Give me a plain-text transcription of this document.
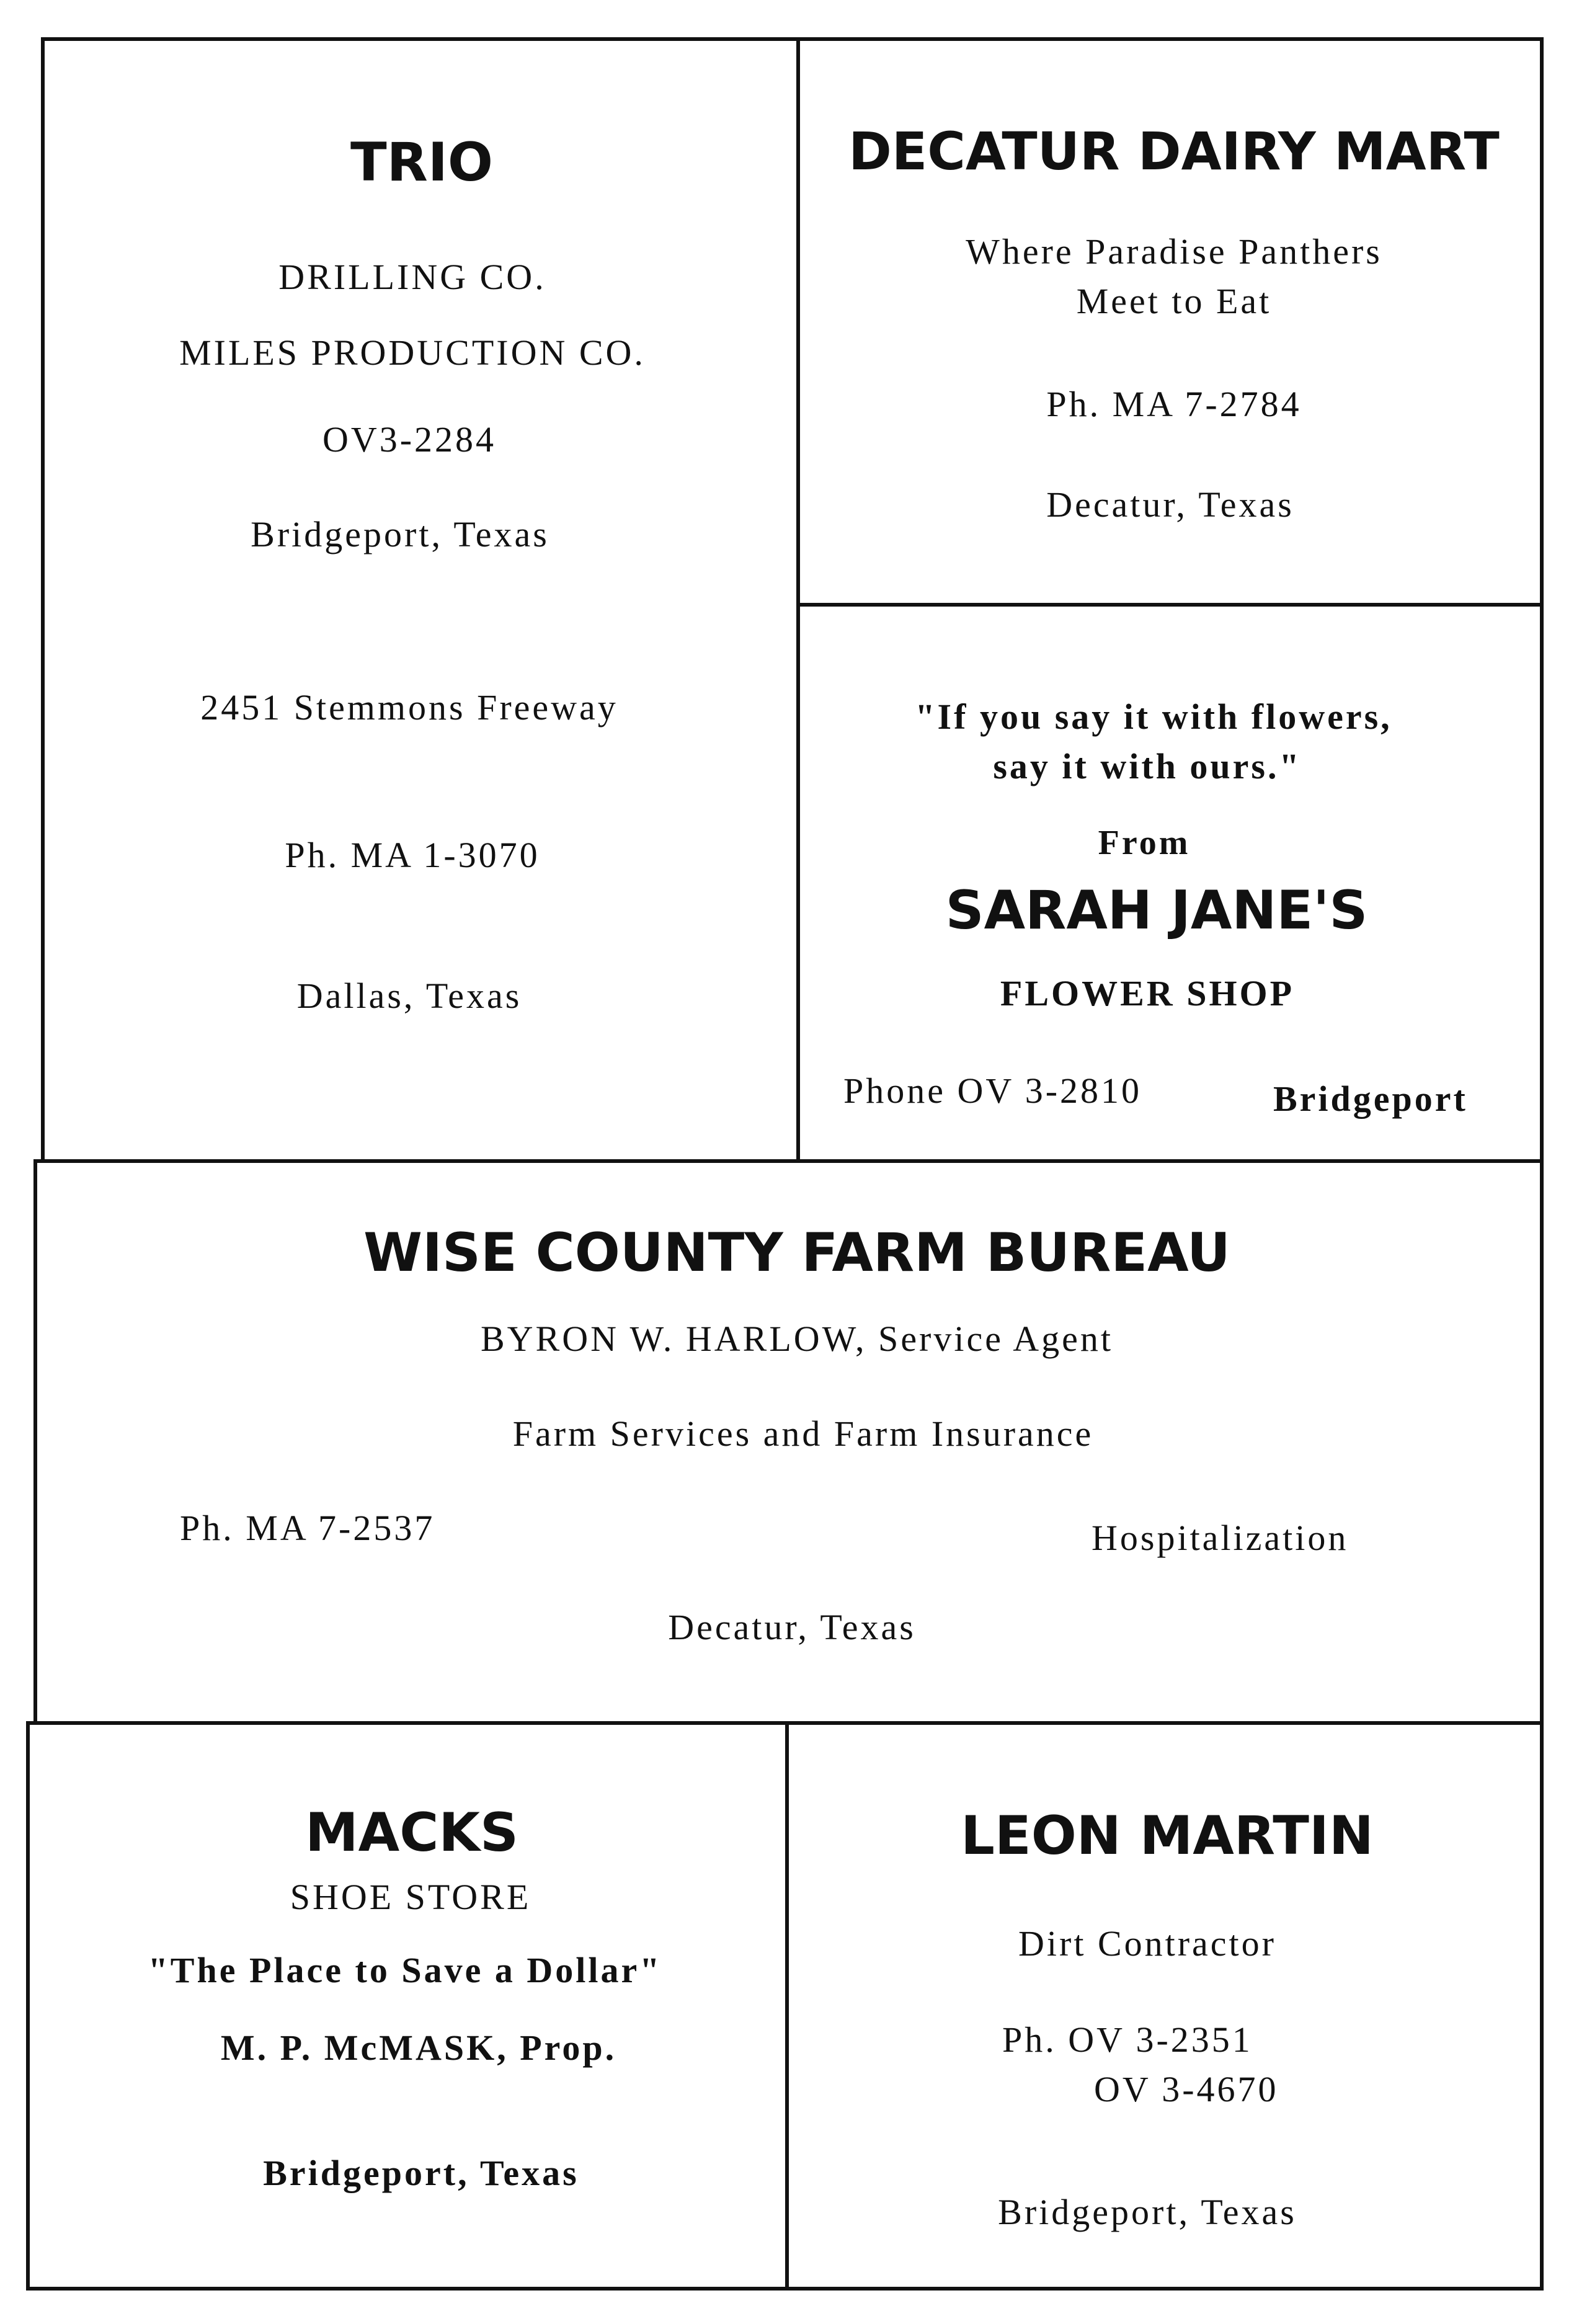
TRIO
DRILLING CO.
MILES PRODUCTION CO.
OV3-2284
Bridgeport, Texas
2451 Stemmons Freeway
Ph. MA 1-3070
Dallas, Texas
DECATUR DAIRY MART
Where Paradise Panthers
Meet to Eat
Ph. MA 7-2784
Decatur, Texas
"If you say it with flowers,
say it with ours."
From
SARAH JANE'S
FLOWER SHOP
Phone OV 3-2810	Bridgeport
WISE COUNTY FARM BUREAU
BYRON W. HARLOW, Service Agent
Farm Services and Farm Insurance
Ph. MA 7-2537	Hospitalization
Decatur, Texas
MACKS
SHOE STORE
"The Place to Save a Dollar"
M. P. McMASK, Prop.
Bridgeport, Texas
LEON MARTIN
Dirt Contractor
Ph. OV 3-2351
OV 3-4670
Bridgeport, Texas
